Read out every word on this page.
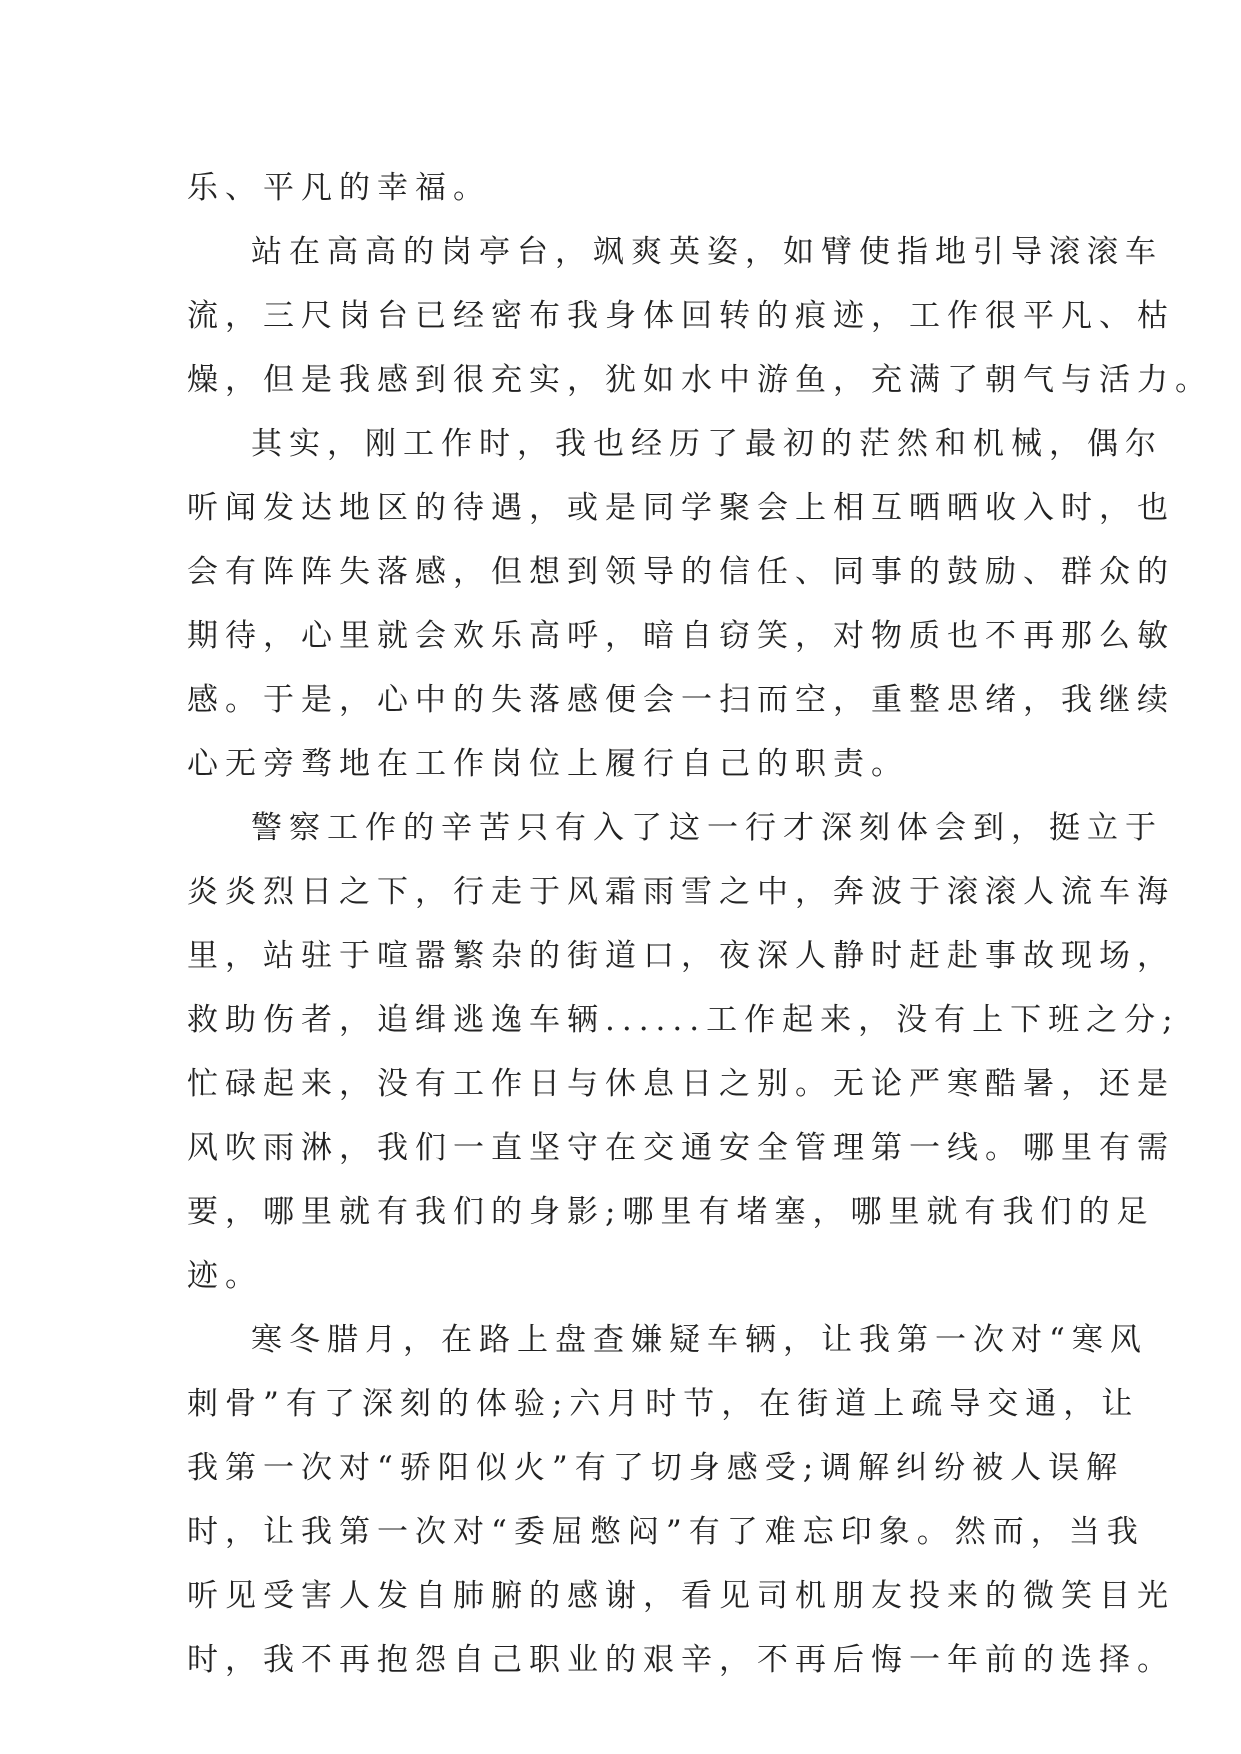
乐、平凡的幸福。
站在高高的岗亭台，飒爽英姿，如臂使指地引导滚滚车
流，三尺岗台已经密布我身体回转的痕迹，工作很平凡、枯
燥，但是我感到很充实，犹如水中游鱼，充满了朝气与活力。
其实，刚工作时，我也经历了最初的茫然和机械，偶尔
听闻发达地区的待遇，或是同学聚会上相互晒晒收入时，也
会有阵阵失落感，但想到领导的信任、同事的鼓励、群众的
期待，心里就会欢乐高呼，暗自窃笑，对物质也不再那么敏
感。于是，心中的失落感便会一扫而空，重整思绪，我继续
心无旁骛地在工作岗位上履行自己的职责。
警察工作的辛苦只有入了这一行才深刻体会到，挺立于
炎炎烈日之下，行走于风霜雨雪之中，奔波于滚滚人流车海
里，站驻于喧嚣繁杂的街道口，夜深人静时赶赴事故现场，
救助伤者，追缉逃逸车辆......工作起来，没有上下班之分;
忙碌起来，没有工作日与休息日之别。无论严寒酷暑，还是
风吹雨淋，我们一直坚守在交通安全管理第一线。哪里有需
要，哪里就有我们的身影;哪里有堵塞，哪里就有我们的足
迹。
寒冬腊月，在路上盘查嫌疑车辆，让我第一次对“寒风
刺骨”有了深刻的体验;六月时节，在街道上疏导交通，让
我第一次对“骄阳似火”有了切身感受;调解纠纷被人误解
时，让我第一次对“委屈憋闷”有了难忘印象。然而，当我
听见受害人发自肺腑的感谢，看见司机朋友投来的微笑目光
时，我不再抱怨自己职业的艰辛，不再后悔一年前的选择。
